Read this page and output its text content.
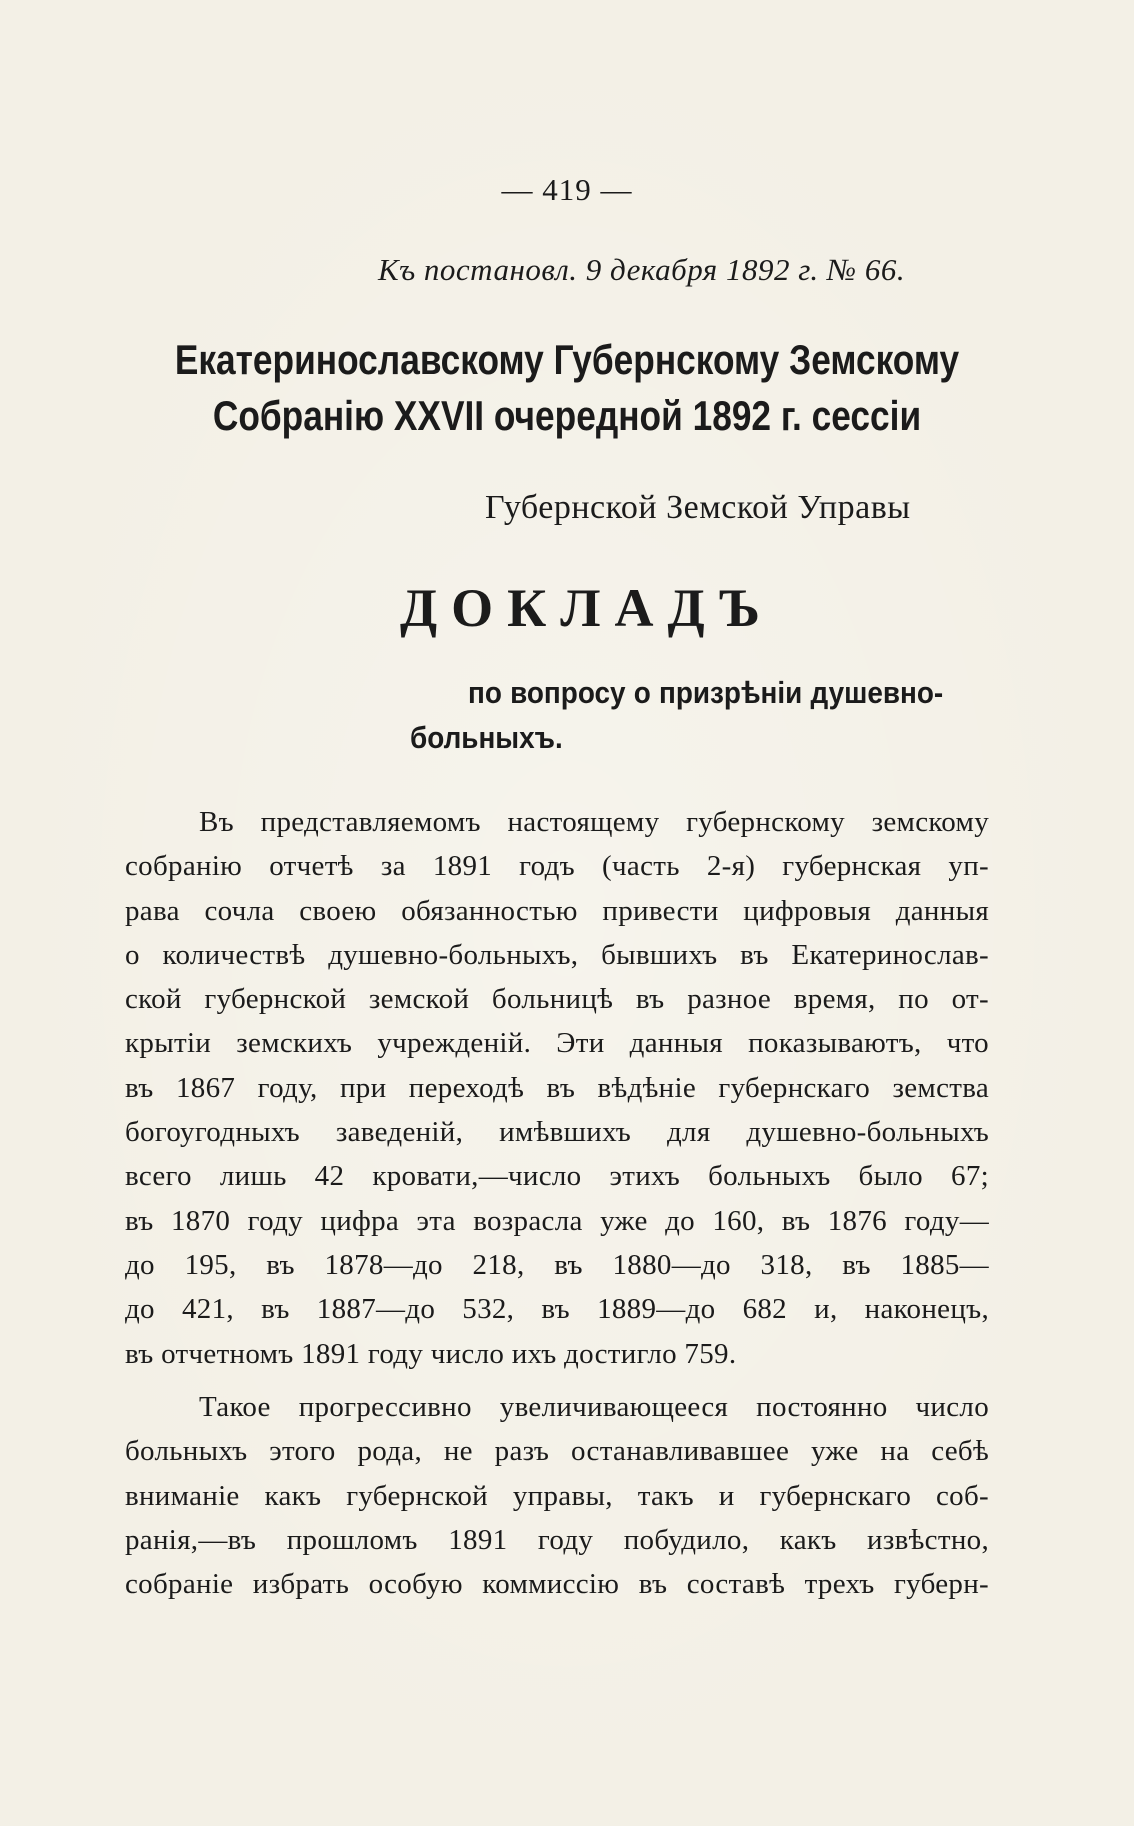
— 419 —
Къ постановл. 9 декабря 1892 г. № 66.
Екатеринославскому Губернскому Земскому
Собранію XXVII очередной 1892 г. сессіи
Губернской Земской Управы
ДОКЛАДЪ
по вопросу о призрѣніи душевно-
больныхъ.
Въ представляемомъ настоящему губернскому земскому
собранію отчетѣ за 1891 годъ (часть 2-я) губернская уп-
рава сочла своею обязанностью привести цифровыя данныя
о количествѣ душевно-больныхъ, бывшихъ въ Екатеринослав-
ской губернской земской больницѣ въ разное время, по от-
крытіи земскихъ учрежденій. Эти данныя показываютъ, что
въ 1867 году, при переходѣ въ вѣдѣніе губернскаго земства
богоугодныхъ заведеній, имѣвшихъ для душевно-больныхъ
всего лишь 42 кровати,—число этихъ больныхъ было 67;
въ 1870 году цифра эта возрасла уже до 160, въ 1876 году—
до 195, въ 1878—до 218, въ 1880—до 318, въ 1885—
до 421, въ 1887—до 532, въ 1889—до 682 и, наконецъ,
въ отчетномъ 1891 году число ихъ достигло 759.
Такое прогрессивно увеличивающееся постоянно число
больныхъ этого рода, не разъ останавливавшее уже на себѣ
вниманіе какъ губернской управы, такъ и губернскаго соб-
ранія,—въ прошломъ 1891 году побудило, какъ извѣстно,
собраніе избрать особую коммиссію въ составѣ трехъ губерн-
